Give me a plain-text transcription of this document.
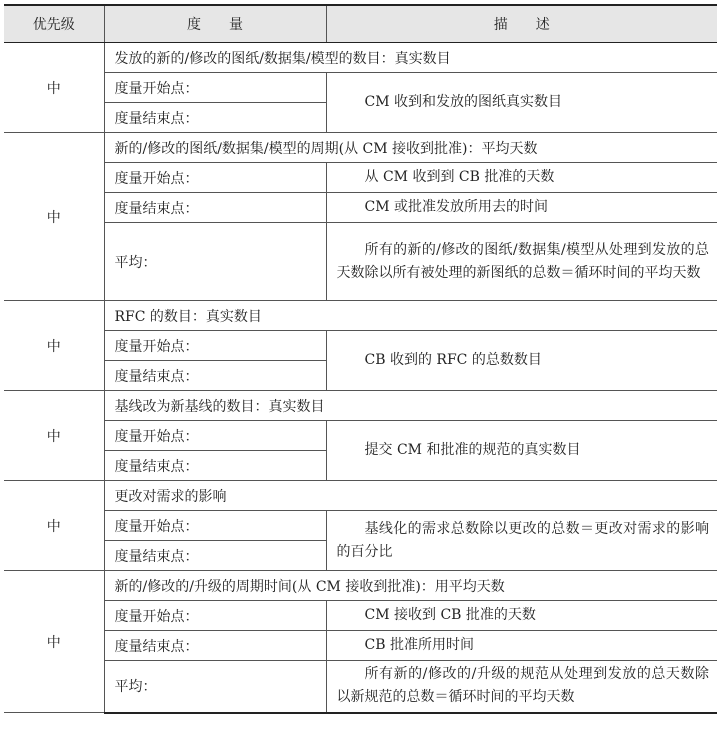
优先级	度　　量	描　　述
中	发放的新的/修改的图纸/数据集/模型的数目：真实数目	
	度量开始点：	CM 收到和发放的图纸真实数目

	度量结束点：	
中	新的/修改的图纸/数据集/模型的周期(从 CM 接收到批准)：平均天数	
	度量开始点：	从 CM 收到到 CB 批准的天数

	度量结束点：	CM 或批准发放所用去的时间

	平均：	所有的新的/修改的图纸/数据集/模型从处理到发放的总天数除以所有被处理的新图纸的总数＝循环时间的平均天数

中	RFC 的数目：真实数目	
	度量开始点：	CB 收到的 RFC 的总数数目

	度量结束点：	
中	基线改为新基线的数目：真实数目	
	度量开始点：	提交 CM 和批准的规范的真实数目

	度量结束点：	
中	更改对需求的影响	
	度量开始点：	基线化的需求总数除以更改的总数＝更改对需求的影响的百分比

	度量结束点：	
中	新的/修改的/升级的周期时间(从 CM 接收到批准)：用平均天数	
	度量开始点：	CM 接收到 CB 批准的天数

	度量结束点：	CB 批准所用时间

	平均：	所有新的/修改的/升级的规范从处理到发放的总天数除以新规范的总数＝循环时间的平均天数
